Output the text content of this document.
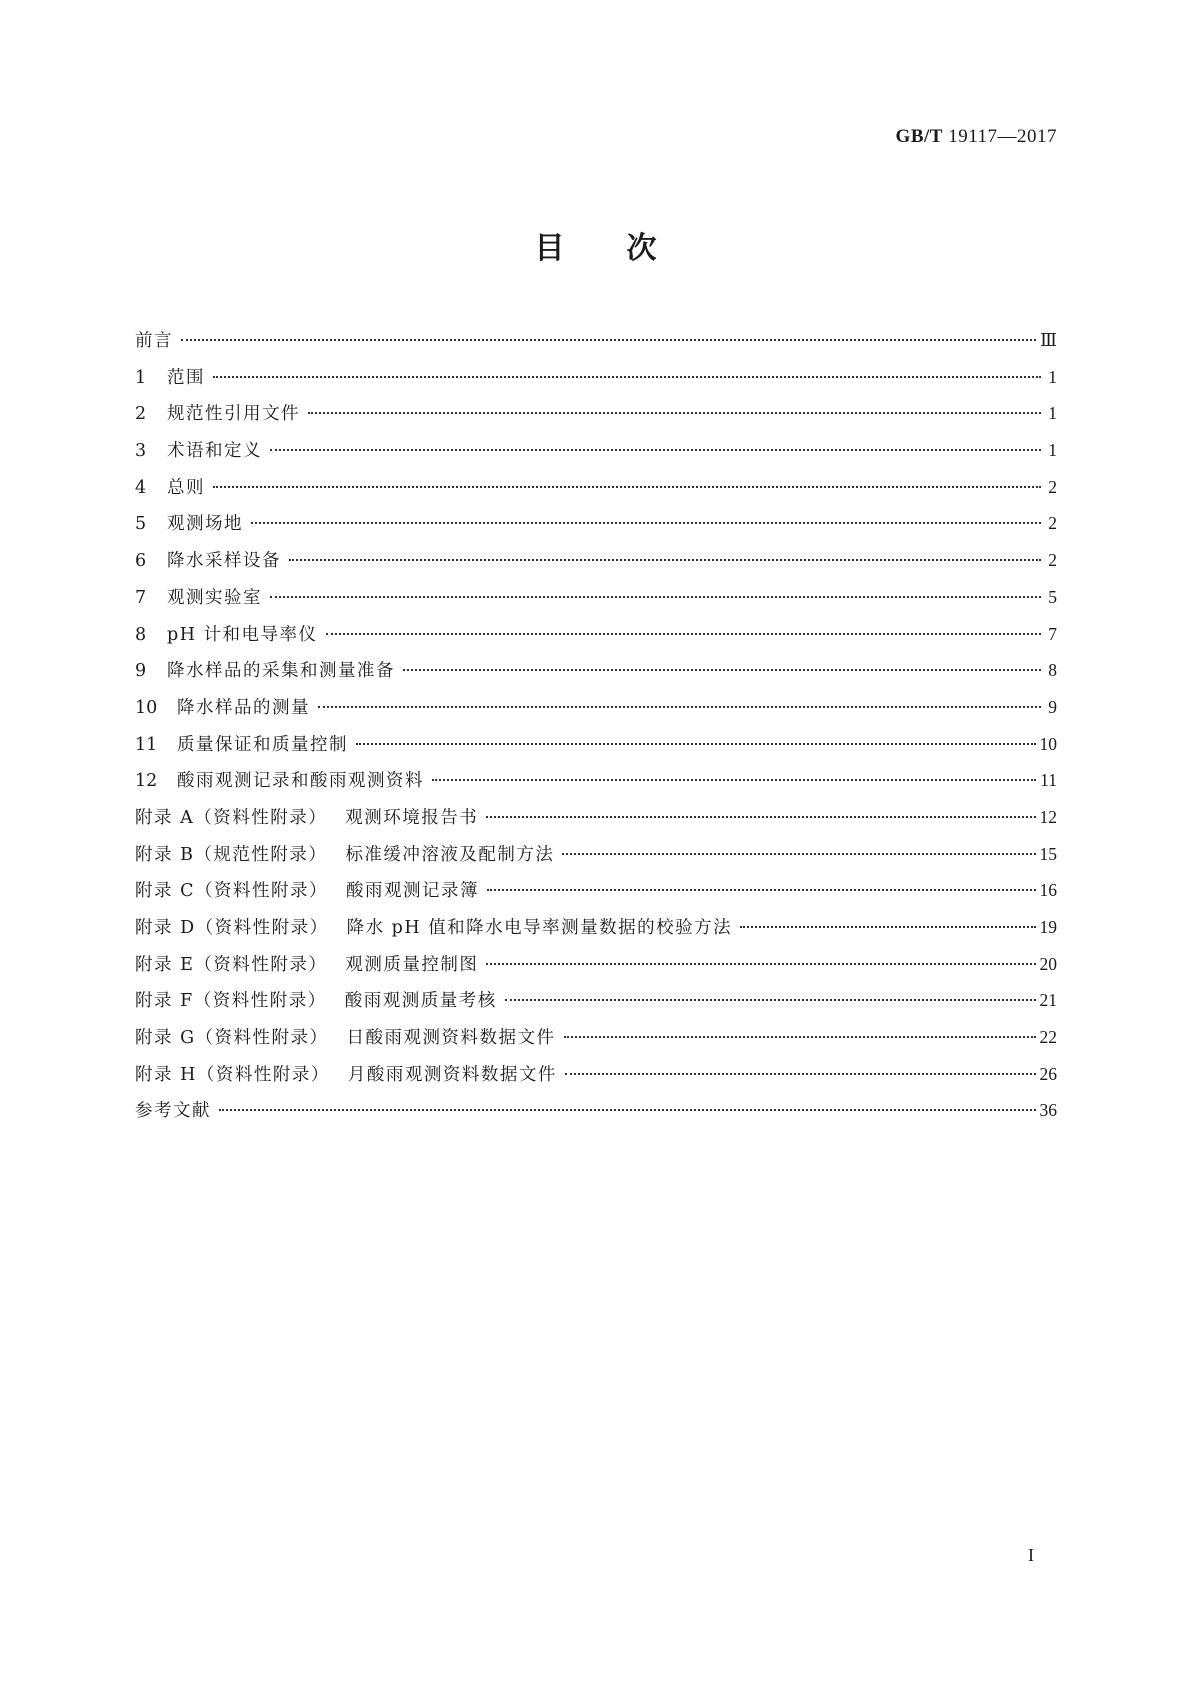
GB/T 19117—2017
目次
前言	Ⅲ
1	范围	1
2	规范性引用文件	1
3	术语和定义	1
4	总则	2
5	观测场地	2
6	降水采样设备	2
7	观测实验室	5
8	pH 计和电导率仪	7
9	降水样品的采集和测量准备	8
10	降水样品的测量	9
11	质量保证和质量控制	10
12	酸雨观测记录和酸雨观测资料	11
附录 A（资料性附录）	观测环境报告书	12
附录 B（规范性附录）	标准缓冲溶液及配制方法	15
附录 C（资料性附录）	酸雨观测记录簿	16
附录 D（资料性附录）	降水 pH 值和降水电导率测量数据的校验方法	19
附录 E（资料性附录）	观测质量控制图	20
附录 F（资料性附录）	酸雨观测质量考核	21
附录 G（资料性附录）	日酸雨观测资料数据文件	22
附录 H（资料性附录）	月酸雨观测资料数据文件	26
参考文献	36
I
